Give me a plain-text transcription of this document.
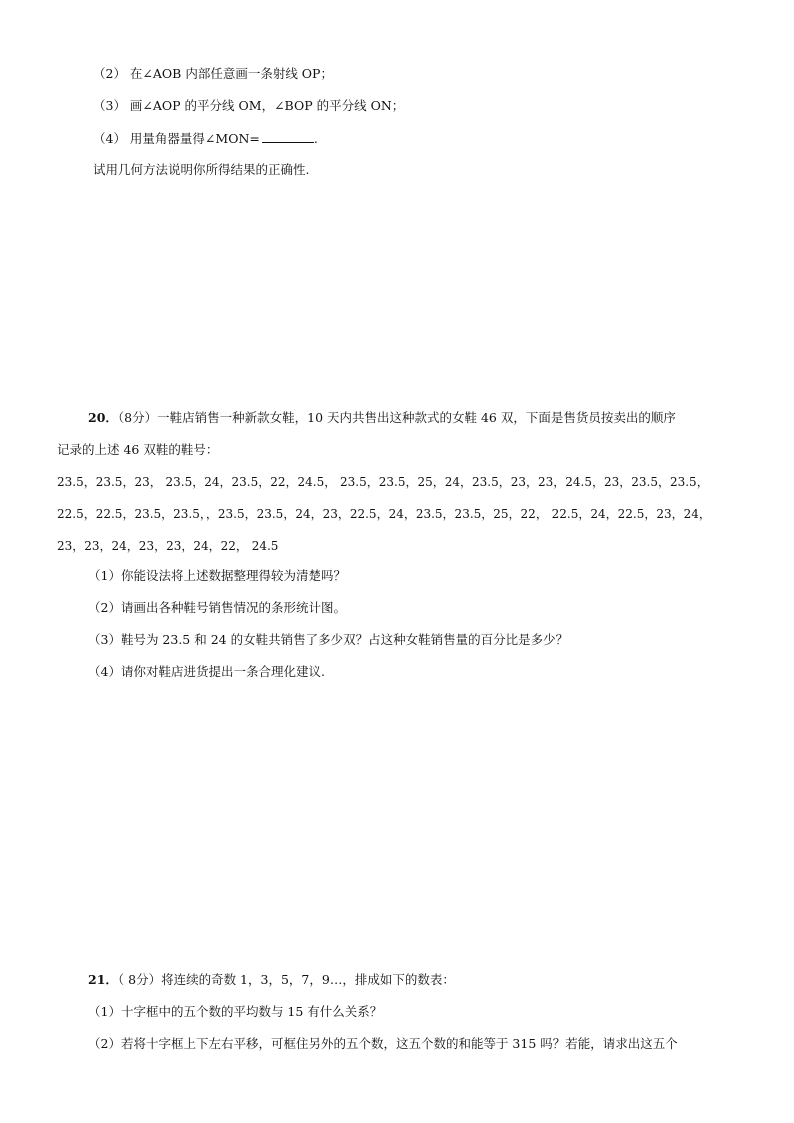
（2） 在∠AOB 内部任意画一条射线 OP；
（3） 画∠AOP 的平分线 OM，∠BOP 的平分线 ON；
（4） 用量角器量得∠MON=	.
试用几何方法说明你所得结果的正确性.
20．（8分）一鞋店销售一种新款女鞋，10 天内共售出这种款式的女鞋 46 双，下面是售货员按卖出的顺序
记录的上述 46 双鞋的鞋号：
23.5，23.5，23， 23.5，24，23.5，22，24.5， 23.5，23.5，25，24，23.5，23，23，24.5，23，23.5，23.5，
22.5，22.5，23.5，23.5，，23.5，23.5，24，23，22.5，24，23.5，23.5，25，22， 22.5，24，22.5，23，24，
23，23，24，23，23，24，22， 24.5
（1）你能设法将上述数据整理得较为清楚吗？
（2）请画出各种鞋号销售情况的条形统计图。
（3）鞋号为 23.5 和 24 的女鞋共销售了多少双？占这种女鞋销售量的百分比是多少？
（4）请你对鞋店进货提出一条合理化建议.
21．（ 8分）将连续的奇数 1，3，5，7，9…，排成如下的数表：
（1）十字框中的五个数的平均数与 15 有什么关系？
（2）若将十字框上下左右平移，可框住另外的五个数，这五个数的和能等于 315 吗？若能，请求出这五个
